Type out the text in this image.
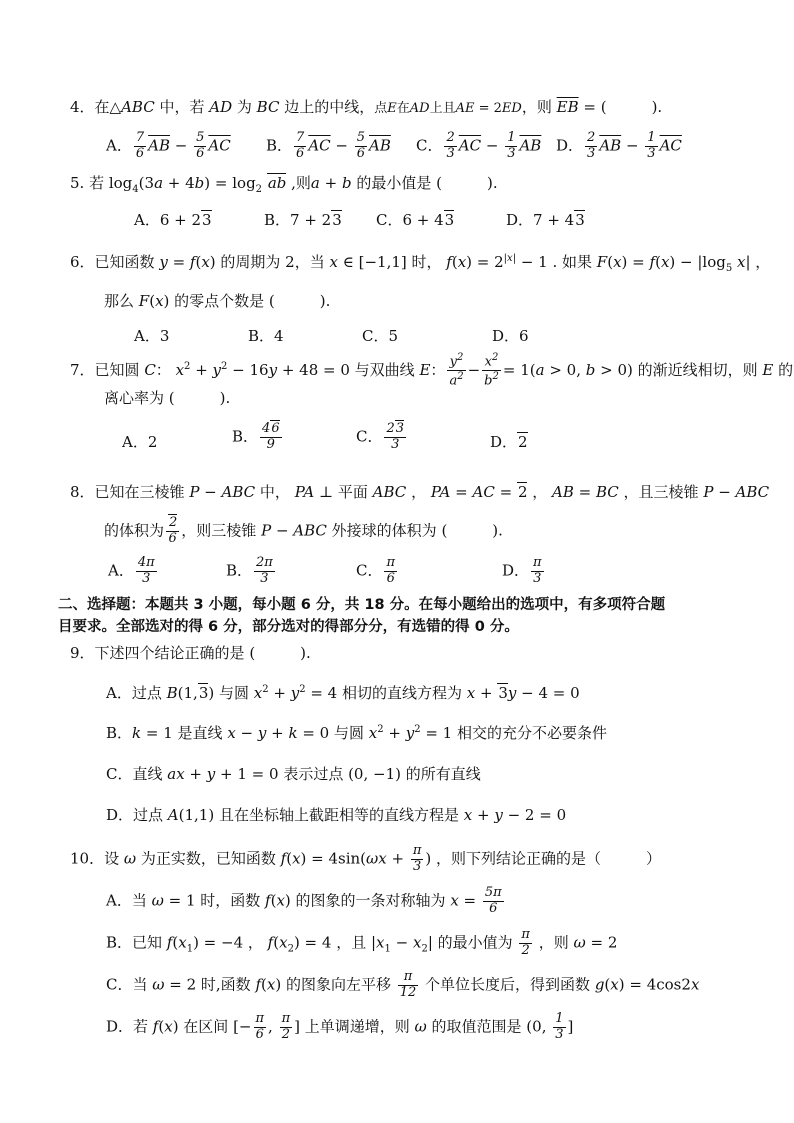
4．在△ABC 中，若 AD 为 BC 边上的中线，点E在AD上且AE = 2ED，则 $\overline{EB}$ = (　　　).
A． $\frac{7}{6} \overline{AB} - \frac{5}{6} \overline{AC}$ B． $\frac{7}{6} \overline{AC} - \frac{5}{6} \overline{AB}$ C． $\frac{2}{3} \overline{AC} - \frac{1}{3} \overline{AB}$ D． $\frac{2}{3} \overline{AB} - \frac{1}{3} \overline{AC}$
5. 若 $\log_4(3a + 4b) = \log_2$ ab ,则a + b 的最小值是 (　　　).
A．6 + 23	B．7 + 23 C．6 + 43	D．7 + 43
6．已知函数 y = f(x) 的周期为 2，当 x ∈ [−1,1] 时， $f(x) = 2^{|x|} - 1$ . 如果 $F(x) = f(x) - |\log_5$ x| ，
那么 F(x) 的零点个数是 (　　　).
A．3	B．4	C．5	D．6
7．已知圆 C： $x^2 + y^2 - 16y + 48 = 0$ 与双曲线 E： $\frac{y^2}{a^2} - \frac{x^2}{b^2} = 1(a > 0$, b > 0) 的渐近线相切，则 E 的
离心率为 (　　　).
A．2	B． $\frac{46}{9}$	C． $\frac{23}{3}$	D．2
8．已知在三棱锥 P − ABC 中， PA ⊥ 平面 ABC ， PA = AC = 2 ， AB = BC ，且三棱锥 P − ABC
的体积为 $\frac{2}{6}$ ，则三棱锥 P − ABC 外接球的体积为 (　　　).
A． $\frac{4\pi}{3}$	B． $\frac{2\pi}{3}$	C． $\frac{\pi}{6}$	D． $\frac{\pi}{3}$
二、选择题：本题共 3 小题，每小题 6 分，共 18 分。在每小题给出的选项中，有多项符合题
目要求。全部选对的得 6 分，部分选对的得部分分，有选错的得 0 分。
9．下述四个结论正确的是 (　　　).
A．过点 B(1,3) 与圆 $x^2 + y^2 = 4$ 相切的直线方程为 x + 3y − 4 = 0
B．k = 1 是直线 x − y + k = 0 与圆 $x^2 + y^2 = 1$ 相交的充分不必要条件
C．直线 ax + y + 1 = 0 表示过点 (0, −1) 的所有直线
D．过点 A(1,1) 且在坐标轴上截距相等的直线方程是 x + y − 2 = 0
10．设 ω 为正实数，已知函数 $f(x) = 4\sin(\omega x + \frac{\pi}{3}$ ) ，则下列结论正确的是（　　　）
A．当 ω = 1 时，函数 f(x) 的图象的一条对称轴为 $x = \frac{5\pi}{6}$
B．已知 $f(x_1) = -4$ ， $f(x_2) = 4$ ，且 $|x_1 - x_2|$ 的最小值为 $\frac{\pi}{2}$ ，则 ω = 2
C．当 ω = 2 时,函数 f(x) 的图象向左平移 $\frac{\pi}{12}$ 个单位长度后，得到函数 g(x) = 4cos2x
D．若 f(x) 在区间 [− $\frac{\pi}{6}$ , $\frac{\pi}{2}$ ] 上单调递增，则 ω 的取值范围是 (0, $\frac{1}{3}$ ]
